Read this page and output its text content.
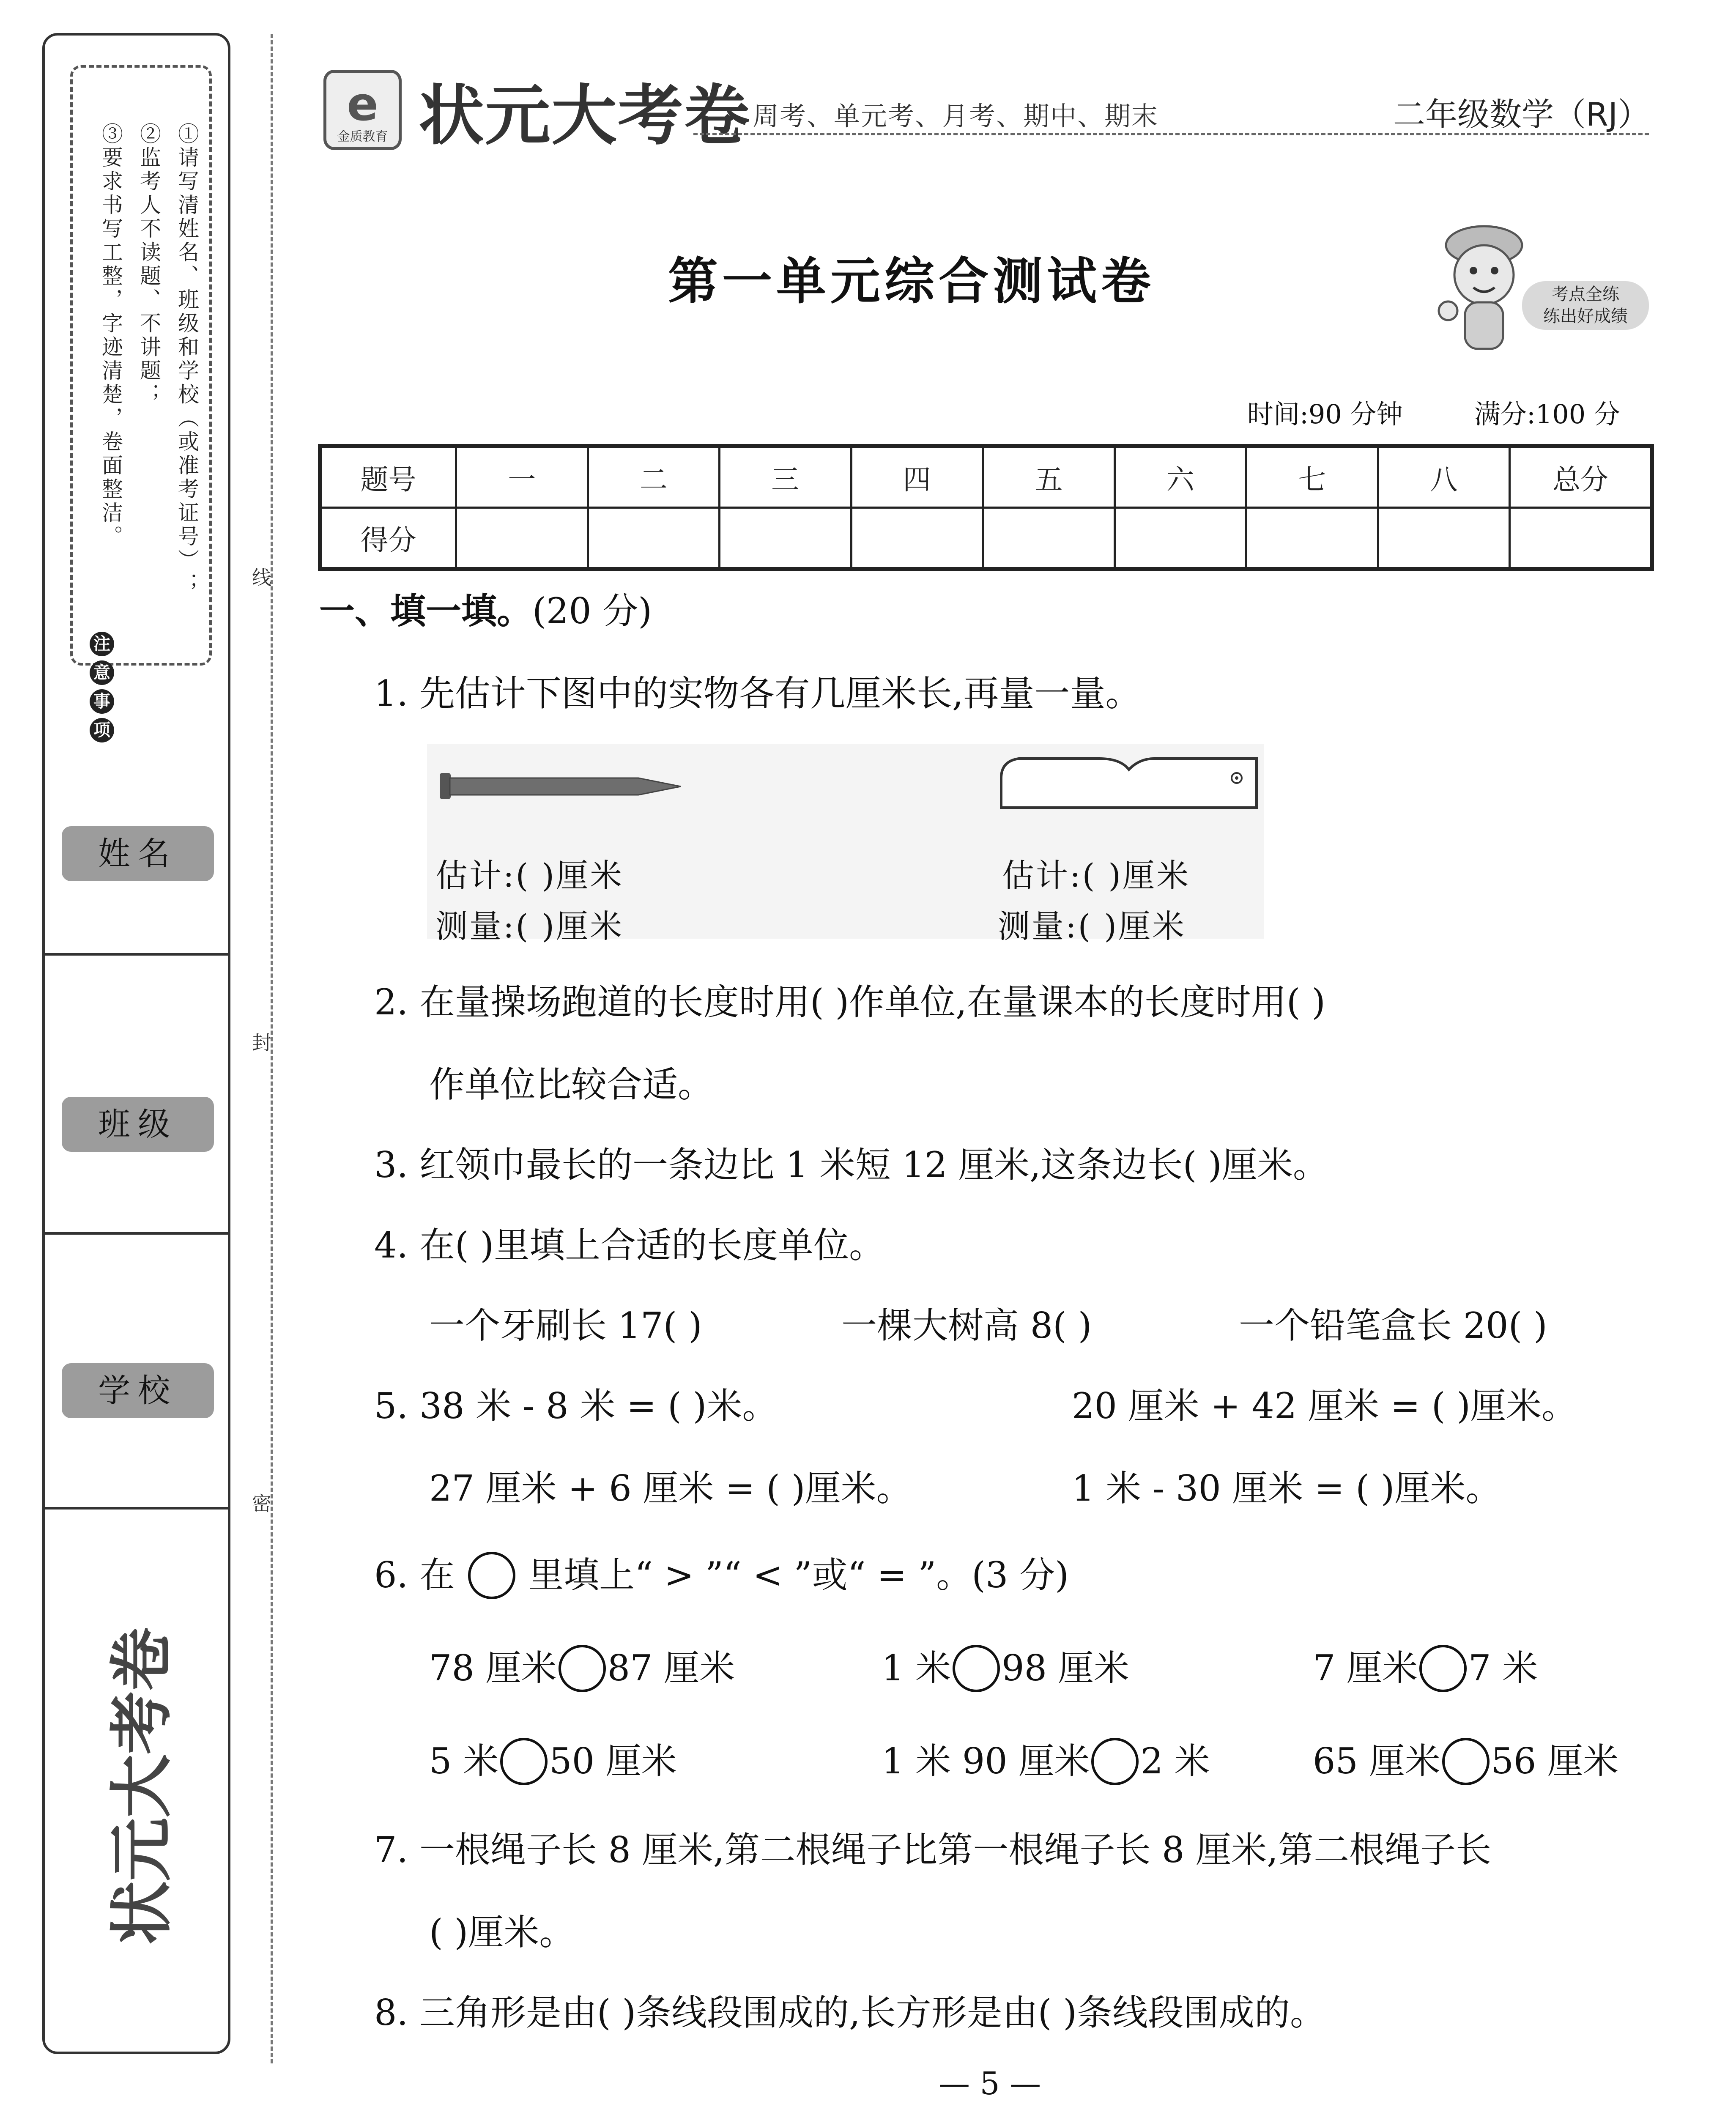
①请写清姓名、班级和学校（或准考证号）；
②监考人不读题、不讲题；
③要求书写工整，字迹清楚，卷面整洁。
注
意
事
项
姓名
班级
学校
状元大考卷
线
封
密
e
金质教育 状元大考卷 周考、单元考、月考、期中、期末	二年级数学（RJ）
第一单元综合测试卷	考点全练
练出好成绩
时间:90 分钟	满分:100 分
题号	一	二	三	四	五	六	七	八	总分
得分									
一、填一填。(20 分)
1. 先估计下图中的实物各有几厘米长,再量一量。
估计:( )厘米
测量:( )厘米
估计:( )厘米
测量:( )厘米
2. 在量操场跑道的长度时用( )作单位,在量课本的长度时用( )
作单位比较合适。
3. 红领巾最长的一条边比 1 米短 12 厘米,这条边长( )厘米。
4. 在( )里填上合适的长度单位。
一个牙刷长 17( )	一棵大树高 8( )	一个铅笔盒长 20( )
5. 38 米 - 8 米 = ( )米。	20 厘米 + 42 厘米 = ( )厘米。
27 厘米 + 6 厘米 = ( )厘米。	1 米 - 30 厘米 = ( )厘米。
6. 在 里填上“ > ”“ < ”或“ = ”。(3 分)
78 厘米 87 厘米	1 米 98 厘米	7 厘米 7 米
5 米 50 厘米	1 米 90 厘米 2 米	65 厘米 56 厘米
7. 一根绳子长 8 厘米,第二根绳子比第一根绳子长 8 厘米,第二根绳子长
( )厘米。
8. 三角形是由( )条线段围成的,长方形是由( )条线段围成的。
— 5 —
